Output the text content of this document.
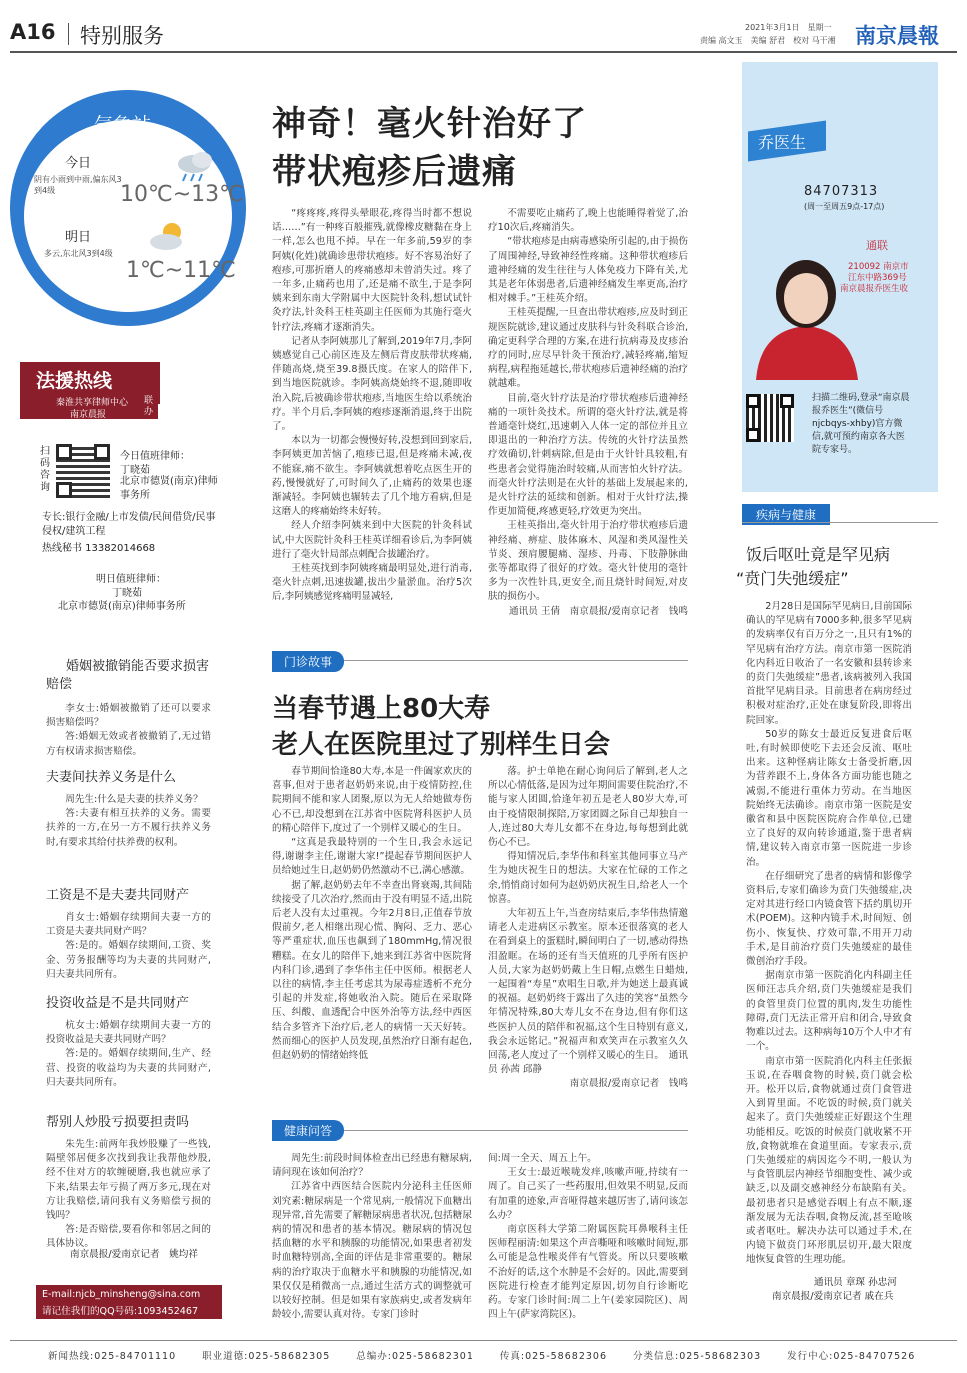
A16 特别服务	2021年3月1日　星期一
责编 高文玉　美编 舒君　校对 马干湘 南京晨報
气象站
今日
阴有小雨到中雨,偏东风3到4级	10℃~13℃
明日
多云,东北风3到4级
1℃~11℃
法援热线
秦淮共享律师中心
南京晨报
联办
扫码咨询
今日值班律师：
丁晓茹
北京市德贤(南京)律师事务所
专长:银行金融/上市发债/民间借贷/民事侵权/建筑工程
热线秘书 13382014668
明日值班律师：
丁晓茹
北京市德贤(南京)律师事务所
婚姻被撤销能否要求损害赔偿

李女士:婚姻被撤销了还可以要求损害赔偿吗？

答:婚姻无效或者被撤销了,无过错方有权请求损害赔偿。

夫妻间扶养义务是什么

周先生:什么是夫妻的扶养义务？

答:夫妻有相互扶养的义务。需要扶养的一方,在另一方不履行扶养义务时,有要求其给付扶养费的权利。

工资是不是夫妻共同财产

肖女士:婚姻存续期间夫妻一方的工资是夫妻共同财产吗？

答:是的。婚姻存续期间,工资、奖金、劳务报酬等均为夫妻的共同财产,归夫妻共同所有。

投资收益是不是共同财产

杭女士:婚姻存续期间夫妻一方的投资收益是夫妻共同财产吗？

答:是的。婚姻存续期间,生产、经营、投资的收益均为夫妻的共同财产,归夫妻共同所有。

帮别人炒股亏损要担责吗

朱先生:前两年我炒股赚了一些钱,隔壁邻居便多次找到我让我帮他炒股,经不住对方的软缠硬磨,我也就应承了下来,结果去年亏损了两万多元,现在对方让我赔偿,请问我有义务赔偿亏损的钱吗？

答:是否赔偿,要看你和邻居之间的具体协议。

南京晨报/爱南京记者　姚均祥
E-mail:njcb_minsheng@sina.com
请记住我们的QQ号码:1093452467
神奇！毫火针治好了
带状疱疹后遗痛

“疼疼疼,疼得头晕眼花,疼得当时都不想说话……”有一种疼百般摧残,就像橡皮糖黏在身上一样,怎么也甩不掉。早在一年多前,59岁的李阿姨(化姓)就确诊患带状疱疹。好不容易治好了疱疹,可那折磨人的疼痛感却未曾消失过。疼了一年多,止痛药也用了,还是痛不欲生,于是李阿姨来到东南大学附属中大医院针灸科,想试试针灸疗法,针灸科王桂英副主任医师为其施行毫火针疗法,疼痛才逐渐消失。

记者从李阿姨那儿了解到,2019年7月,李阿姨感觉自己心前区连及左侧后背皮肤带状疼痛,伴随高烧,烧至39.8摄氏度。在家人的陪伴下,到当地医院就诊。李阿姨高烧始终不退,随即收治入院,后被确诊带状疱疹,当地医生给以系统治疗。半个月后,李阿姨的疱疹逐渐消退,终于出院了。

本以为一切都会慢慢好转,没想到回到家后,李阿姨更加苦恼了,疱疹已退,但是疼痛未减,夜不能寐,痛不欲生。李阿姨就想着吃点医生开的药,慢慢就好了,可时间久了,止痛药的效果也逐渐减轻。李阿姨也辗转去了几个地方看病,但是这磨人的疼痛始终未好转。

经人介绍李阿姨来到中大医院的针灸科试试,中大医院针灸科王桂英详细看诊后,为李阿姨进行了毫火针局部点刺配合拔罐治疗。

王桂英找到李阿姨疼痛最明显处,进行消毒,毫火针点刺,迅速拔罐,拔出少量淤血。治疗5次后,李阿姨感觉疼痛明显减轻,

不需要吃止痛药了,晚上也能睡得着觉了,治疗10次后,疼痛消失。

“带状疱疹是由病毒感染所引起的,由于损伤了周围神经,导致神经性疼痛。这种带状疱疹后遗神经痛的发生往往与人体免疫力下降有关,尤其是老年体弱患者,后遗神经痛发生率更高,治疗相对棘手。”王桂英介绍。

王桂英提醒,一旦查出带状疱疹,应及时到正规医院就诊,建议通过皮肤科与针灸科联合诊治,确定更科学合理的方案,在进行抗病毒及皮疹治疗的同时,应尽早针灸干预治疗,减轻疼痛,缩短病程,病程拖延越长,带状疱疹后遗神经痛的治疗就越难。

目前,毫火针疗法是治疗带状疱疹后遗神经痛的一项针灸技术。所谓的毫火针疗法,就是将普通毫针烧红,迅速刺入人体一定的部位并且立即退出的一种治疗方法。传统的火针疗法虽然疗效确切,针刺病除,但是由于火针针具较粗,有些患者会觉得施治时较痛,从而害怕火针疗法。而毫火针疗法则是在火针的基础上发展起来的,是火针疗法的延续和创新。相对于火针疗法,操作更加简便,疼感更轻,疗效更为突出。

王桂英指出,毫火针用于治疗带状疱疹后遗神经痛、痹症、肢体麻木、风湿和类风湿性关节炎、颈肩腰腿痛、湿疹、丹毒、下肢静脉曲张等都取得了很好的疗效。毫火针使用的毫针多为一次性针具,更安全,而且烧针时间短,对皮肤的损伤小。

通讯员 王倩　南京晨报/爱南京记者　钱鸣

门诊故事
当春节遇上80大寿
老人在医院里过了别样生日会

春节期间恰逢80大寿,本是一件阖家欢庆的喜事,但对于患者赵奶奶来说,由于疫情防控,住院期间不能和家人团聚,原以为无人给她做寿伤心不已,却没想到在江苏省中医院肾科医护人员的精心陪伴下,度过了一个别样又暖心的生日。

“这真是我最特别的一个生日,我会永远记得,谢谢李主任,谢谢大家!”提起春节期间医护人员给她过生日,赵奶奶仍然激动不已,满心感激。

据了解,赵奶奶去年不幸查出肾衰竭,其间陆续接受了几次治疗,然而由于没有明显不适,出院后老人没有太过重视。今年2月8日,正值春节放假前夕,老人相继出现心慌、胸闷、乏力、恶心等严重症状,血压也飙到了180mmHg,情况很糟糕。在女儿的陪伴下,她来到江苏省中医院肾内科门诊,遇到了李华伟主任中医师。根据老人以往的病情,李主任考虑其为尿毒症透析不充分引起的并发症,将她收治入院。随后在采取降压、纠酸、血透配合中医外治等方法,经中西医结合多管齐下治疗后,老人的病情一天天好转。然而细心的医护人员发现,虽然治疗日渐有起色,但赵奶奶的情绪始终低

落。护士单艳在耐心询问后了解到,老人之所以心情低落,是因为过年期间需要住院治疗,不能与家人团圆,恰逢年初五是老人80岁大寿,可由于疫情限制探陪,万家团圆之际自己却独自一人,连过80大寿儿女都不在身边,每每想到此就伤心不已。

得知情况后,李华伟和科室其他同事立马产生为她庆祝生日的想法。大家在忙碌的工作之余,悄悄商讨如何为赵奶奶庆祝生日,给老人一个惊喜。

大年初五上午,当查房结束后,李华伟热情邀请老人走进病区示教室。原本还很落寞的老人在看到桌上的蛋糕时,瞬间明白了一切,感动得热泪盈眶。在场的还有当天值班的几乎所有医护人员,大家为赵奶奶戴上生日帽,点燃生日蜡烛,一起围着“寿星”欢唱生日歌,并为她送上最真诚的祝福。赵奶奶终于露出了久违的笑容“虽然今年情况特殊,80大寿儿女不在身边,但有你们这些医护人员的陪伴和祝福,这个生日特别有意义,我会永远铭记。”祝福声和欢笑声在示教室久久回荡,老人度过了一个别样又暖心的生日。　通讯员 孙茜 邱静

南京晨报/爱南京记者　钱鸣

健康问答

周先生:前段时间体检查出已经患有糖尿病,请问现在该如何治疗？

江苏省中西医结合医院内分泌科主任医师刘究素:糖尿病是一个常见病,一般情况下血糖出现异常,首先需要了解糖尿病患者状况,包括糖尿病的情况和患者的基本情况。糖尿病的情况包括血糖的水平和胰腺的功能情况,如果患者初发时血糖特别高,全面的评估是非常重要的。糖尿病的治疗取决于血糖水平和胰腺的功能情况,如果仅仅是稍微高一点,通过生活方式的调整就可以较好控制。但是如果有家族病史,或者发病年龄较小,需要认真对待。专家门诊时

间:周一全天、周五上午。

王女士:最近喉咙发痒,咳嗽声哑,持续有一周了。自己买了一些药服用,但效果不明显,反而有加重的迹象,声音哑得越来越厉害了,请问该怎么办？

南京医科大学第二附属医院耳鼻喉科主任医师程丽清:如果这个声音嘶哑和咳嗽时间短,那么可能是急性喉炎伴有气管炎。所以只要咳嗽不治好的话,这个水肿是不会好的。因此,需要到医院进行检查才能判定原因,切勿自行诊断吃药。专家门诊时间:周二上午(姜家园院区)、周四上午(萨家湾院区)。

乔医生
84707313
(周一至周五9点-17点)
通联
210092 南京市
江东中路369号
南京晨报乔医生收
扫描二维码,登录“南京晨报乔医生”(微信号njcbqys-xhby)官方微信,就可预约南京各大医院专家号。
疾病与健康
饭后呕吐竟是罕见病
“贲门失弛缓症”

2月28日是国际罕见病日,目前国际确认的罕见病有7000多种,很多罕见病的发病率仅有百万分之一,且只有1%的罕见病有治疗方法。南京市第一医院消化内科近日收治了一名安徽和县转诊来的贲门失弛缓症”患者,该病被列入我国首批罕见病目录。目前患者在病房经过积极对症治疗,正处在康复阶段,即将出院回家。

50岁的陈女士最近反复进食后呕吐,有时候即使吃下去还会反流、呕吐出来。这种怪病让陈女士备受折磨,因为营养跟不上,身体各方面功能也随之减弱,不能进行重体力劳动。在当地医院始终无法确诊。南京市第一医院是安徽省和县中医院医院府合作单位,已建立了良好的双向转诊通道,鉴于患者病情,建议转入南京市第一医院进一步诊治。

在仔细研究了患者的病情和影像学资料后,专家们确诊为贲门失弛缓症,决定对其进行经口内镜食管下括约肌切开术(POEM)。这种内镜手术,时间短、创伤小、恢复快、疗效可靠,不用开刀动手术,是目前治疗贲门失弛缓症的最佳微创治疗手段。

据南京市第一医院消化内科副主任医师汪志兵介绍,贲门失弛缓症是我们的食管里贲门位置的肌肉,发生功能性障碍,贲门无法正常开启和闭合,导致食物难以过去。这种病每10万个人中才有一个。

南京市第一医院消化内科主任张振玉说,在吞咽食物的时候,贲门就会松开。松开以后,食物就通过贲门食管进入到胃里面。不吃饭的时候,贲门就关起来了。贲门失弛缓症正好跟这个生理功能相反。吃饭的时候贲门就收紧不开放,食物就堆在食道里面。专家表示,贲门失弛缓症的病因迄今不明,一般认为与食管肌层内神经节细胞变性、减少或缺乏,以及副交感神经分布缺陷有关。最初患者只是感觉吞咽上有点不顺,逐渐发展为无法吞咽,食物反流,甚至呛咳或者呕吐。解决办法可以通过手术,在内镜下做贲门环形肌层切开,最大限度地恢复食管的生理功能。

通讯员 章琛 孙忠河
南京晨报/爱南京记者 戚在兵
新闻热线:025-84701110	职业道德:025-58682305	总编办:025-58682301	传真:025-58682306	分类信息:025-58682303	发行中心:025-84707526
